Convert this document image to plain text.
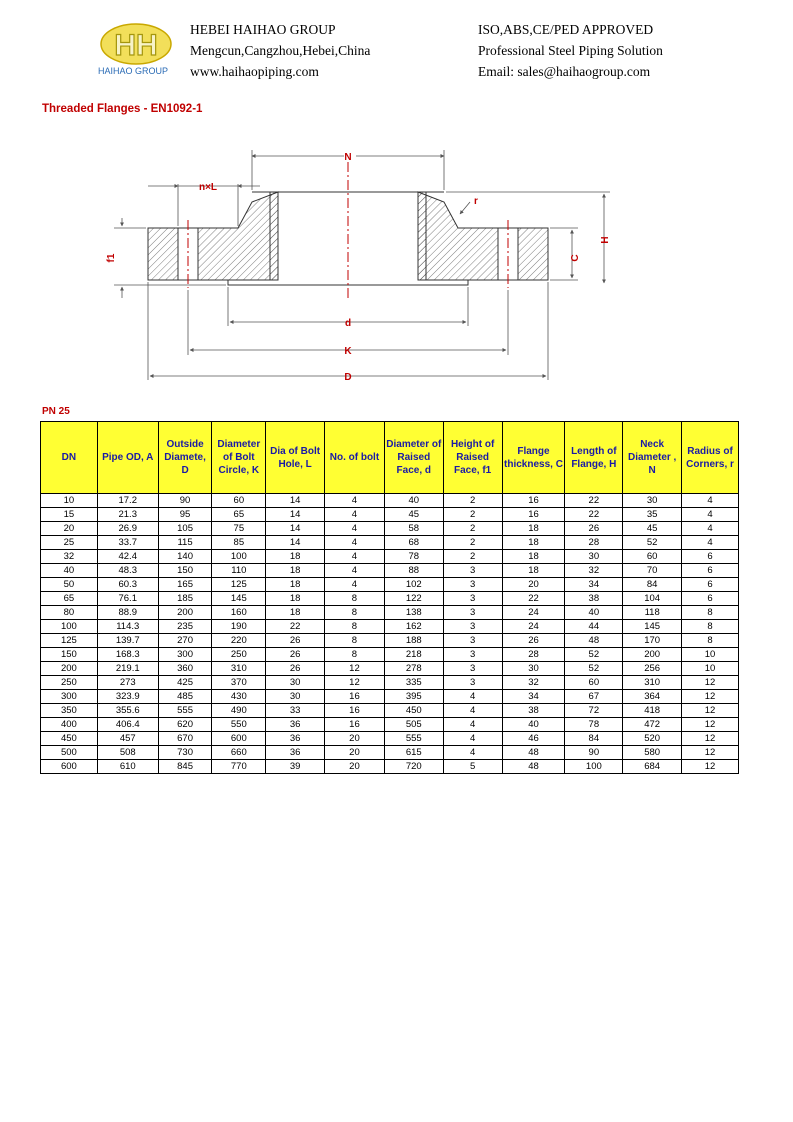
HH
HAIHAO GROUP
HEBEI HAIHAO GROUP
Mengcun,Cangzhou,Hebei,China
www.haihaopiping.com
ISO,ABS,CE/PED APPROVED
Professional Steel Piping Solution
Email: sales@haihaogroup.com
Threaded Flanges - EN1092-1
N
n×L
r
f1	C
H
d
K
D
PN 25
DN	Pipe OD, A	Outside Diamete, D	Diameter of Bolt Circle, K	Dia of Bolt Hole, L	No. of bolt	Diameter of Raised Face, d	Height of Raised Face, f1	Flange thickness, C	Length of Flange, H	Neck Diameter , N	Radius of Corners, r
10	17.2	90	60	14	4	40	2	16	22	30	4
15	21.3	95	65	14	4	45	2	16	22	35	4
20	26.9	105	75	14	4	58	2	18	26	45	4
25	33.7	115	85	14	4	68	2	18	28	52	4
32	42.4	140	100	18	4	78	2	18	30	60	6
40	48.3	150	110	18	4	88	3	18	32	70	6
50	60.3	165	125	18	4	102	3	20	34	84	6
65	76.1	185	145	18	8	122	3	22	38	104	6
80	88.9	200	160	18	8	138	3	24	40	118	8
100	114.3	235	190	22	8	162	3	24	44	145	8
125	139.7	270	220	26	8	188	3	26	48	170	8
150	168.3	300	250	26	8	218	3	28	52	200	10
200	219.1	360	310	26	12	278	3	30	52	256	10
250	273	425	370	30	12	335	3	32	60	310	12
300	323.9	485	430	30	16	395	4	34	67	364	12
350	355.6	555	490	33	16	450	4	38	72	418	12
400	406.4	620	550	36	16	505	4	40	78	472	12
450	457	670	600	36	20	555	4	46	84	520	12
500	508	730	660	36	20	615	4	48	90	580	12
600	610	845	770	39	20	720	5	48	100	684	12
